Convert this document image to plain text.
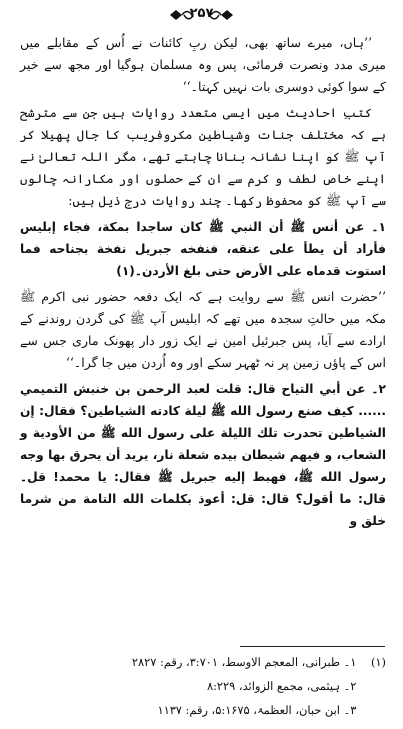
۲۵۷

’’ہاں، میرے ساتھ بھی، لیکن ربِ کائنات نے اُس کے مقابلے میں میری مدد ونصرت فرمائی، پس وہ مسلمان ہوگیا اور مجھ سے خیر کے سوا کوئی دوسری بات نہیں کہتا۔‘‘

کتبِ احادیث میں ایسی متعدد روایات ہیں جن سے مترشح ہے کہ مختلف جنات وشیاطین مکروفریب کا جال پھیلا کر آپ ﷺ کو اپنا نشانہ بنانا چاہتے تھے، مگر اللہ تعالیٰ نے اپنے خاص لطف و کرم سے ان کے حملوں اور مکارانہ چالوں سے آپ ﷺ کو محفوظ رکھا۔ چند روایات درج ذیل ہیں:

۱۔ عن أنس ﷺ أن النبي ﷺ كان ساجدا بمكة، فجاء إبليس فأراد أن يطأ على عنقه، فنفخه جبريل نفخة بجناحه فما استوت قدماه على الأرض حتى بلغ الأردن۔(۱)

’’حضرت انس ﷺ سے روایت ہے کہ ایک دفعہ حضور نبی اکرم ﷺ مکہ میں حالتِ سجدہ میں تھے کہ ابلیس آپ ﷺ کی گردن روندنے کے ارادے سے آیا، پس جبرئیل امین نے ایک زور دار پھونک ماری جس سے اس کے پاؤں زمین پر نہ ٹھہر سکے اور وہ اُردن میں جا گرا۔‘‘

۲۔ عن أبي التياح قال: قلت لعبد الرحمن بن خنبش التميمي ...... كيف صنع رسول الله ﷺ ليلة كادته الشياطين؟ فقال: إن الشياطين تحدرت تلك الليلة على رسول الله ﷺ من الأودية و الشعاب، و فيهم شيطان بيده شعلة نار، يريد أن يحرق بها وجه رسول الله ﷺ، فهبط إليه جبريل ﷺ فقال: يا محمد! قل۔ قال: ما أقول؟ قال: قل: أعوذ بكلمات الله التامة من شرما خلق و

(۱) ۱۔ طبرانی، المعجم الاوسط، ۳:۷۰۱، رقم: ۲۸۲۷
۲۔ ہیثمی، مجمع الزوائد، ۸:۲۲۹
۳۔ ابن حبان، العظمۃ، ۵:۱۶۷۵، رقم: ۱۱۳۷
